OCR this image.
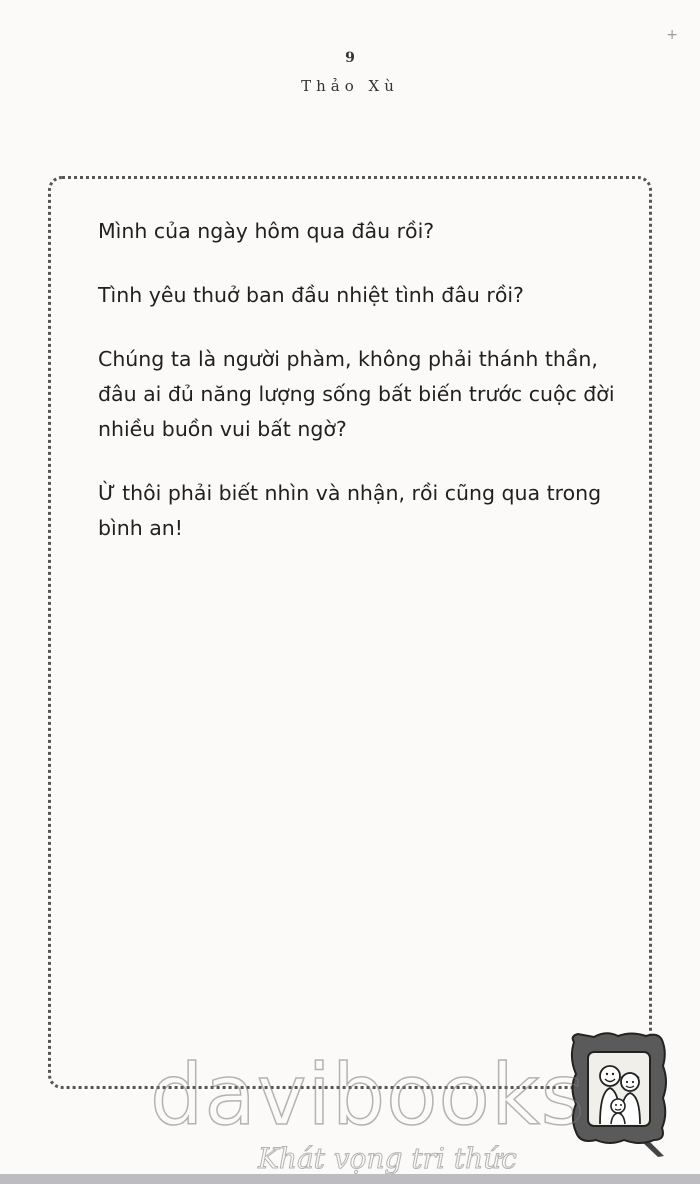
+
9
Thảo Xù

Mình của ngày hôm qua đâu rồi?

Tình yêu thuở ban đầu nhiệt tình đâu rồi?

Chúng ta là người phàm, không phải thánh thần, đâu ai đủ năng lượng sống bất biến trước cuộc đời nhiều buồn vui bất ngờ?

Ừ thôi phải biết nhìn và nhận, rồi cũng qua trong bình an!

davibooks
Khát vọng tri thức
